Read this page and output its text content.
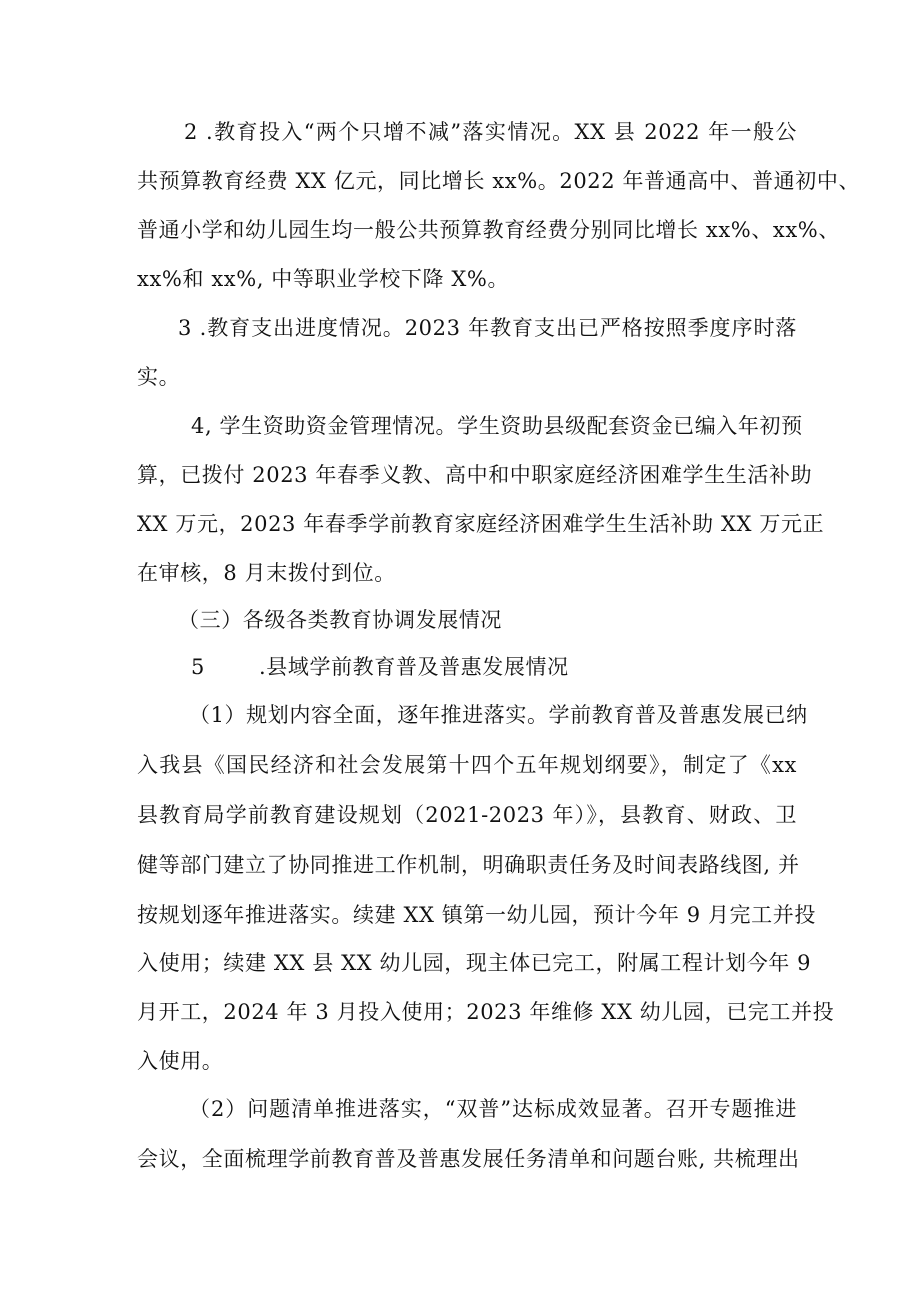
2 .教育投入“两个只增不减”落实情况。XX 县 2022 年一般公
共预算教育经费 XX 亿元，同比增长 xx%。2022 年普通高中、普通初中、
普通小学和幼儿园生均一般公共预算教育经费分别同比增长 xx%、xx%、
xx%和 xx%, 中等职业学校下降 X%。
3 .教育支出进度情况。2023 年教育支出已严格按照季度序时落
实。
4, 学生资助资金管理情况。学生资助县级配套资金已编入年初预
算，已拨付 2023 年春季义教、高中和中职家庭经济困难学生生活补助
XX 万元，2023 年春季学前教育家庭经济困难学生生活补助 XX 万元正
在审核，8 月末拨付到位。
（三）各级各类教育协调发展情况
5	.县域学前教育普及普惠发展情况
（1）规划内容全面，逐年推进落实。学前教育普及普惠发展已纳
入我县《国民经济和社会发展第十四个五年规划纲要》，制定了《xx
县教育局学前教育建设规划（2021-2023 年）》，县教育、财政、卫
健等部门建立了协同推进工作机制，明确职责任务及时间表路线图, 并
按规划逐年推进落实。续建 XX 镇第一幼儿园，预计今年 9 月完工并投
入使用；续建 XX 县 XX 幼儿园，现主体已完工，附属工程计划今年 9
月开工，2024 年 3 月投入使用；2023 年维修 XX 幼儿园，已完工并投
入使用。
（2）问题清单推进落实，“双普”达标成效显著。召开专题推进
会议，全面梳理学前教育普及普惠发展任务清单和问题台账, 共梳理出
